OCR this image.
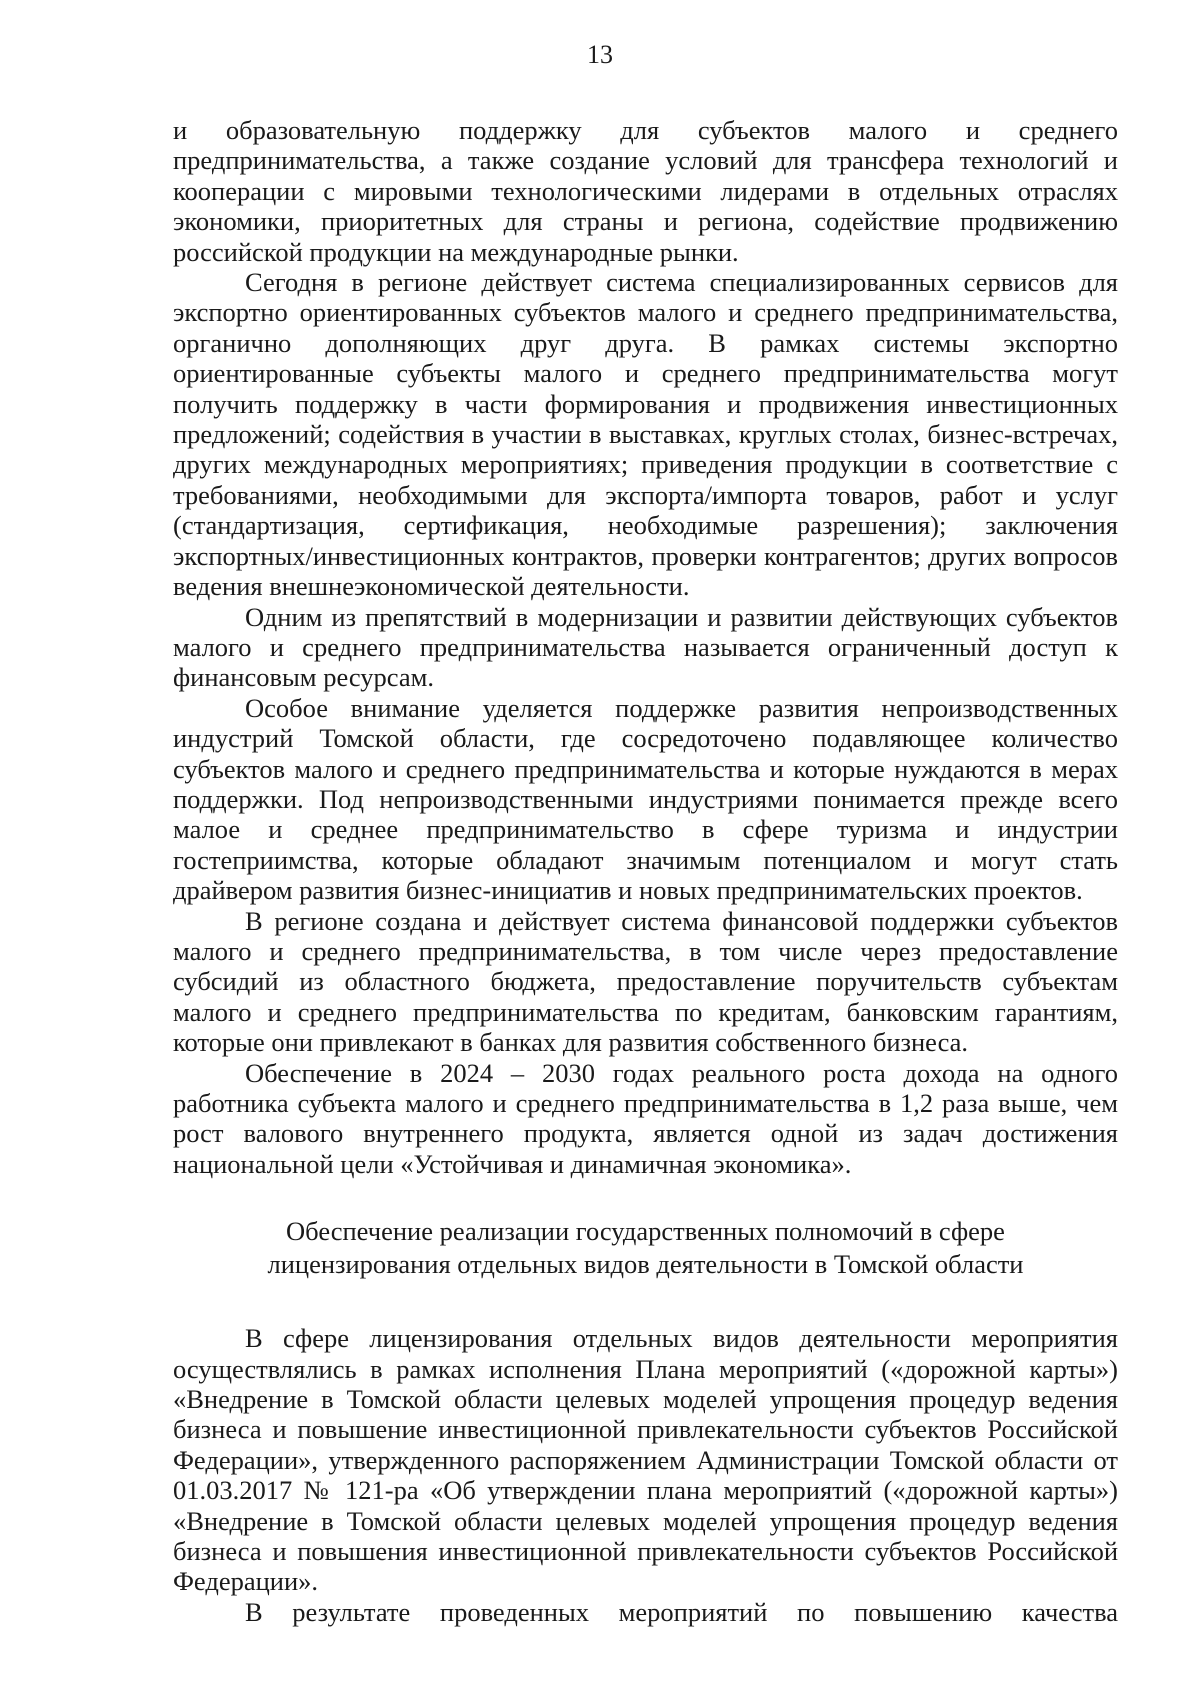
13

и образовательную поддержку для субъектов малого и среднего предпринимательства, а также создание условий для трансфера технологий и кооперации с мировыми технологическими лидерами в отдельных отраслях экономики, приоритетных для страны и региона, содействие продвижению российской продукции на международные рынки.

Сегодня в регионе действует система специализированных сервисов для экспортно ориентированных субъектов малого и среднего предпринимательства, органично дополняющих друг друга. В рамках системы экспортно ориентированные субъекты малого и среднего предпринимательства могут получить поддержку в части формирования и продвижения инвестиционных предложений; содействия в участии в выставках, круглых столах, бизнес-встречах, других международных мероприятиях; приведения продукции в соответствие с требованиями, необходимыми для экспорта/импорта товаров, работ и услуг (стандартизация, сертификация, необходимые разрешения); заключения экспортных/инвестиционных контрактов, проверки контрагентов; других вопросов ведения внешнеэкономической деятельности.

Одним из препятствий в модернизации и развитии действующих субъектов малого и среднего предпринимательства называется ограниченный доступ к финансовым ресурсам.

Особое внимание уделяется поддержке развития непроизводственных индустрий Томской области, где сосредоточено подавляющее количество субъектов малого и среднего предпринимательства и которые нуждаются в мерах поддержки. Под непроизводственными индустриями понимается прежде всего малое и среднее предпринимательство в сфере туризма и индустрии гостеприимства, которые обладают значимым потенциалом и могут стать драйвером развития бизнес-инициатив и новых предпринимательских проектов.

В регионе создана и действует система финансовой поддержки субъектов малого и среднего предпринимательства, в том числе через предоставление субсидий из областного бюджета, предоставление поручительств субъектам малого и среднего предпринимательства по кредитам, банковским гарантиям, которые они привлекают в банках для развития собственного бизнеса.

Обеспечение в 2024 – 2030 годах реального роста дохода на одного работника субъекта малого и среднего предпринимательства в 1,2 раза выше, чем рост валового внутреннего продукта, является одной из задач достижения национальной цели «Устойчивая и динамичная экономика».

Обеспечение реализации государственных полномочий в сфере
лицензирования отдельных видов деятельности в Томской области

В сфере лицензирования отдельных видов деятельности мероприятия осуществлялись в рамках исполнения Плана мероприятий («дорожной карты») «Внедрение в Томской области целевых моделей упрощения процедур ведения бизнеса и повышение инвестиционной привлекательности субъектов Российской Федерации», утвержденного распоряжением Администрации Томской области от 01.03.2017 № 121-ра «Об утверждении плана мероприятий («дорожной карты») «Внедрение в Томской области целевых моделей упрощения процедур ведения бизнеса и повышения инвестиционной привлекательности субъектов Российской Федерации».

В результате проведенных мероприятий по повышению качества
